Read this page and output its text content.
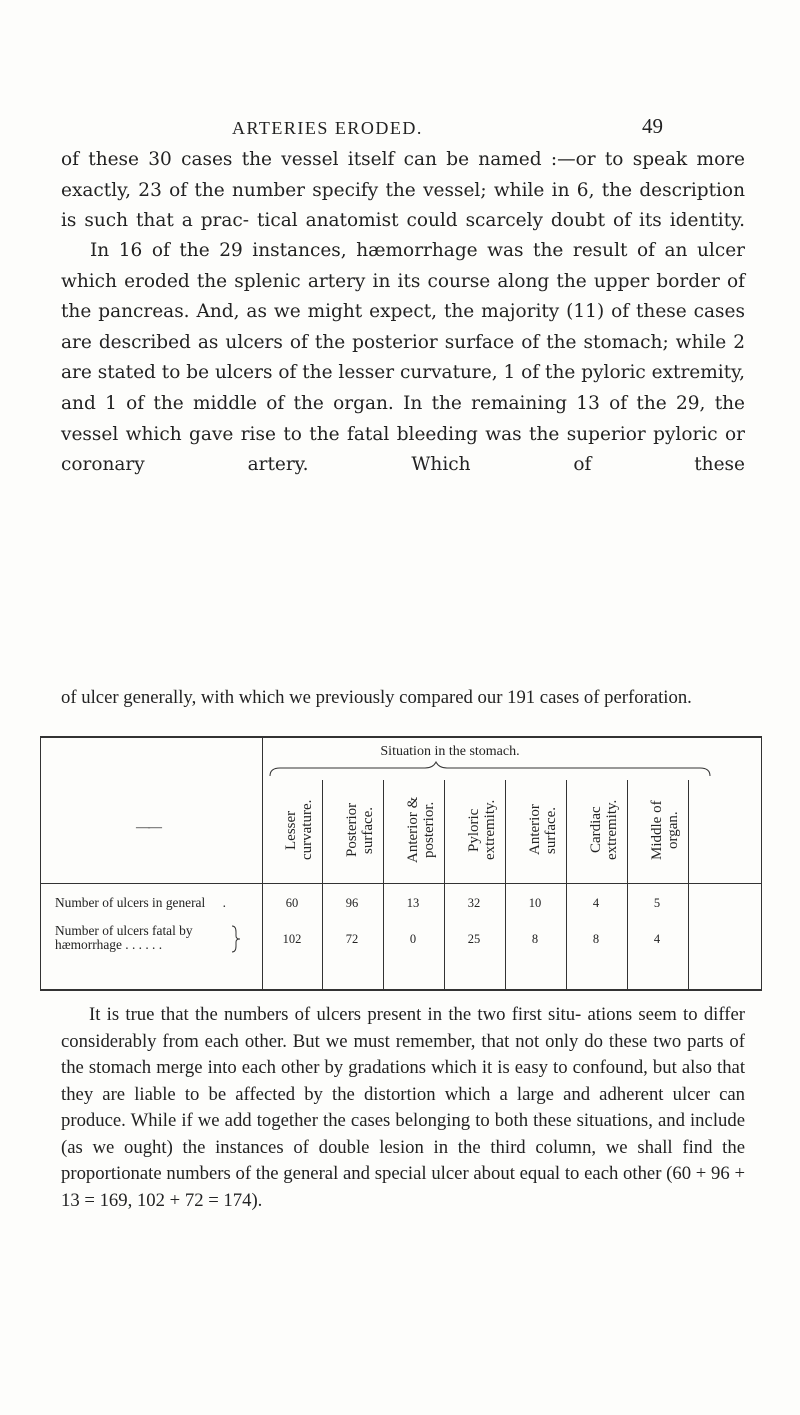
ARTERIES ERODED.	49

of these 30 cases the vessel itself can be named :—or to speak more exactly, 23 of the number specify the vessel; while in 6, the description is such that a prac- tical anatomist could scarcely doubt of its identity.

In 16 of the 29 instances, hæmorrhage was the result of an ulcer which eroded the splenic artery in its course along the upper border of the pancreas. And, as we might expect, the majority (11) of these cases are described as ulcers of the posterior surface of the stomach; while 2 are stated to be ulcers of the lesser curvature, 1 of the pyloric extremity, and 1 of the middle of the organ. In the remaining 13 of the 29, the vessel which gave rise to the fatal bleeding was the superior pyloric or coronary artery. Which of these

of ulcer generally, with which we previously compared our 191 cases of perforation.

Situation in the stomach.
——	Lesser curvature. Posterior surface. Anterior & posterior. Pyloric extremity. Anterior surface. Cardiac extremity. Middle of organ.
Number of ulcers in general .	60	96	13	32	10	4	5
Number of ulcers fatal by
hæmorrhage . . . . . .	102	72	0	25	8	8	4

It is true that the numbers of ulcers present in the two first situ- ations seem to differ considerably from each other. But we must remember, that not only do these two parts of the stomach merge into each other by gradations which it is easy to confound, but also that they are liable to be affected by the distortion which a large and adherent ulcer can produce. While if we add together the cases belonging to both these situations, and include (as we ought) the instances of double lesion in the third column, we shall find the proportionate numbers of the general and special ulcer about equal to each other (60 + 96 + 13 = 169, 102 + 72 = 174).
